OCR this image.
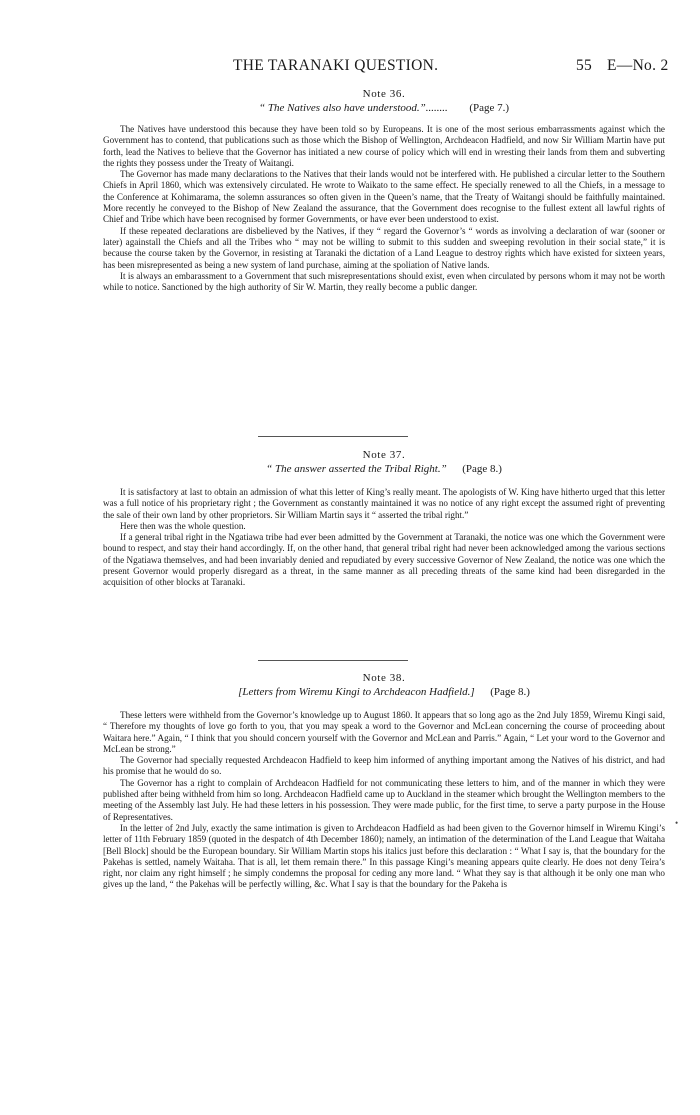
THE TARANAKI QUESTION.	55 E—No. 2
Note 36.
“ The Natives also have understood.”........ (Page 7.)

The Natives have understood this because they have been told so by Europeans. It is one of the most serious embarrassments against which the Government has to contend, that publications such as those which the Bishop of Wellington, Archdeacon Hadfield, and now Sir William Martin have put forth, lead the Natives to believe that the Governor has initiated a new course of policy which will end in wresting their lands from them and subverting the rights they possess under the Treaty of Waitangi.

The Governor has made many declarations to the Natives that their lands would not be interfered with. He published a circular letter to the Southern Chiefs in April 1860, which was extensively circulated. He wrote to Waikato to the same effect. He specially renewed to all the Chiefs, in a message to the Conference at Kohimarama, the solemn assurances so often given in the Queen’s name, that the Treaty of Waitangi should be faithfully maintained. More recently he conveyed to the Bishop of New Zealand the assurance, that the Government does recognise to the fullest extent all lawful rights of Chief and Tribe which have been recognised by former Governments, or have ever been understood to exist.

If these repeated declarations are disbelieved by the Natives, if they “ regard the Governor’s “ words as involving a declaration of war (sooner or later) againstall the Chiefs and all the Tribes who “ may not be willing to submit to this sudden and sweeping revolution in their social state,” it is because the course taken by the Governor, in resisting at Taranaki the dictation of a Land League to destroy rights which have existed for sixteen years, has been misrepresented as being a new system of land purchase, aiming at the spoliation of Native lands.

It is always an embarassment to a Government that such misrepresentations should exist, even when circulated by persons whom it may not be worth while to notice. Sanctioned by the high authority of Sir W. Martin, they really become a public danger.

Note 37.
“ The answer asserted the Tribal Right.” (Page 8.)

It is satisfactory at last to obtain an admission of what this letter of King’s really meant. The apologists of W. King have hitherto urged that this letter was a full notice of his proprietary right ; the Government as constantly maintained it was no notice of any right except the assumed right of preventing the sale of their own land by other proprietors. Sir William Martin says it “ asserted the tribal right.”

Here then was the whole question.

If a general tribal right in the Ngatiawa tribe had ever been admitted by the Government at Taranaki, the notice was one which the Government were bound to respect, and stay their hand accordingly. If, on the other hand, that general tribal right had never been acknowledged among the various sections of the Ngatiawa themselves, and had been invariably denied and repudiated by every successive Governor of New Zealand, the notice was one which the present Governor would properly disregard as a threat, in the same manner as all preceding threats of the same kind had been disregarded in the acquisition of other blocks at Taranaki.

Note 38.
[Letters from Wiremu Kingi to Archdeacon Hadfield.] (Page 8.)

These letters were withheld from the Governor’s knowledge up to August 1860. It appears that so long ago as the 2nd July 1859, Wiremu Kingi said, “ Therefore my thoughts of love go forth to you, that you may speak a word to the Governor and McLean concerning the course of proceeding about Waitara here.” Again, “ I think that you should concern yourself with the Governor and McLean and Parris.” Again, “ Let your word to the Governor and McLean be strong.”

The Governor had specially requested Archdeacon Hadfield to keep him informed of anything important among the Natives of his district, and had his promise that he would do so.

The Governor has a right to complain of Archdeacon Hadfield for not communicating these letters to him, and of the manner in which they were published after being withheld from him so long. Archdeacon Hadfield came up to Auckland in the steamer which brought the Wellington members to the meeting of the Assembly last July. He had these letters in his possession. They were made public, for the first time, to serve a party purpose in the House of Representatives.

In the letter of 2nd July, exactly the same intimation is given to Archdeacon Hadfield as had been given to the Governor himself in Wiremu Kingi’s letter of 11th February 1859 (quoted in the despatch of 4th December 1860); namely, an intimation of the determination of the Land League that Waitaha [Bell Block] should be the European boundary. Sir William Martin stops his italics just before this declaration : “ What I say is, that the boundary for the Pakehas is settled, namely Waitaha. That is all, let them remain there.” In this passage Kingi’s meaning appears quite clearly. He does not deny Teira’s right, nor claim any right himself ; he simply condemns the proposal for ceding any more land. “ What they say is that although it be only one man who gives up the land, “ the Pakehas will be perfectly willing, &c. What I say is that the boundary for the Pakeha is

•
